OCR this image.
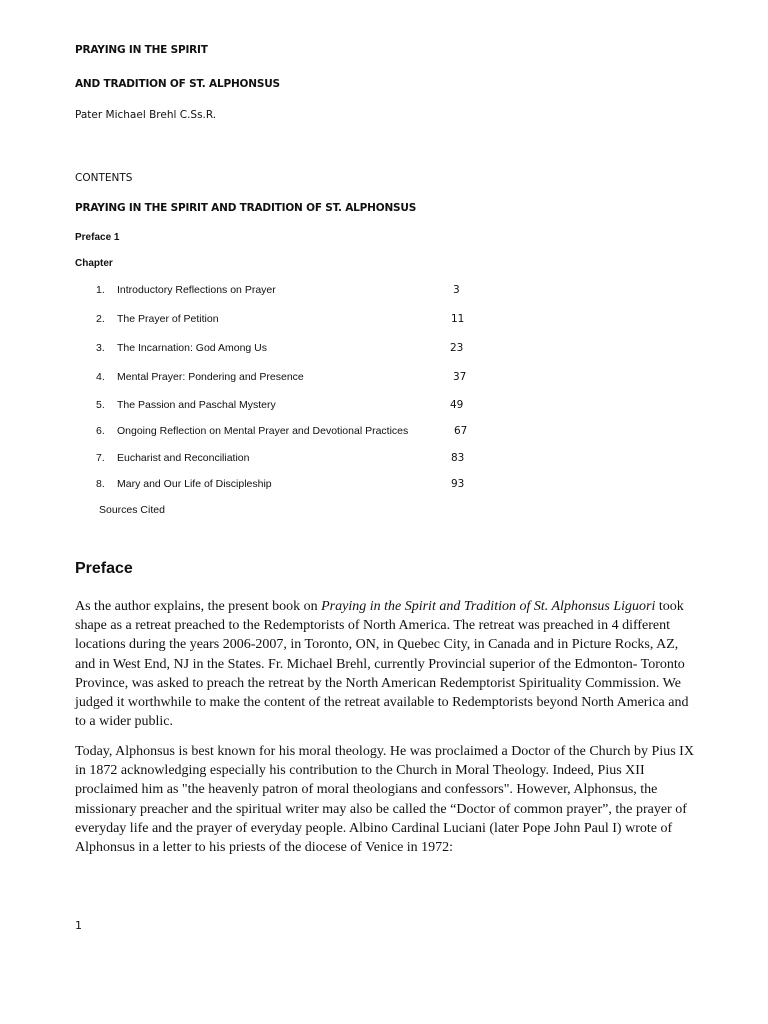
PRAYING IN THE SPIRIT
AND TRADITION OF ST. ALPHONSUS
Pater Michael Brehl C.Ss.R.
CONTENTS
PRAYING IN THE SPIRIT AND TRADITION OF ST. ALPHONSUS
Preface 1
Chapter
1. Introductory Reflections on Prayer	3
2. The Prayer of Petition	11
3. The Incarnation: God Among Us	23
4. Mental Prayer: Pondering and Presence	37
5. The Passion and Paschal Mystery	49
6. Ongoing Reflection on Mental Prayer and Devotional Practices	67
7. Eucharist and Reconciliation	83
8. Mary and Our Life of Discipleship	93
Sources Cited
Preface

As the author explains, the present book on Praying in the Spirit and Tradition of St. Alphonsus Liguori took shape as a retreat preached to the Redemptorists of North America. The retreat was preached in 4 different locations during the years 2006-2007, in Toronto, ON, in Quebec City, in Canada and in Picture Rocks, AZ, and in West End, NJ in the States. Fr. Michael Brehl, currently Provincial superior of the Edmonton- Toronto Province, was asked to preach the retreat by the North American Redemptorist Spirituality Commission. We judged it worthwhile to make the content of the retreat available to Redemptorists beyond North America and to a wider public.

Today, Alphonsus is best known for his moral theology. He was proclaimed a Doctor of the Church by Pius IX in 1872 acknowledging especially his contribution to the Church in Moral Theology. Indeed, Pius XII proclaimed him as "the heavenly patron of moral theologians and confessors". However, Alphonsus, the missionary preacher and the spiritual writer may also be called the “Doctor of common prayer”, the prayer of everyday life and the prayer of everyday people. Albino Cardinal Luciani (later Pope John Paul I) wrote of Alphonsus in a letter to his priests of the diocese of Venice in 1972:

1
